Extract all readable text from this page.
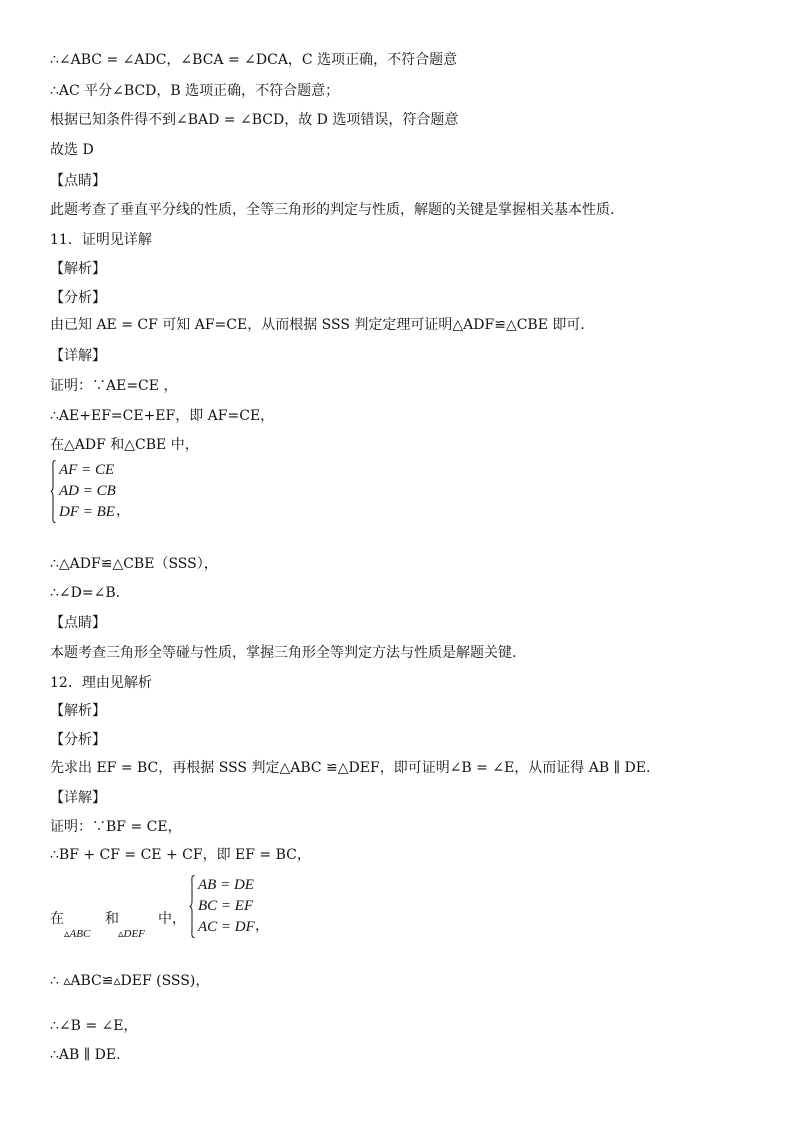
∴∠ABC = ∠ADC，∠BCA = ∠DCA，C 选项正确，不符合题意
∴AC 平分∠BCD，B 选项正确，不符合题意；
根据已知条件得不到∠BAD = ∠BCD，故 D 选项错误，符合题意
故选 D
【点睛】
此题考查了垂直平分线的性质，全等三角形的判定与性质，解题的关键是掌握相关基本性质.
11．证明见详解
【解析】
【分析】
由已知 AE = CF 可知 AF=CE，从而根据 SSS 判定定理可证明△ADF≌△CBE 即可.
【详解】
证明：∵AE=CE ，
∴AE+EF=CE+EF，即 AF=CE，
在△ADF 和△CBE 中，
AF = CE
AD = CB
DF = BE ，
∴△ADF≌△CBE（SSS），
∴∠D=∠B.
【点睛】
本题考查三角形全等碰与性质，掌握三角形全等判定方法与性质是解题关键.
12．理由见解析
【解析】
【分析】
先求出 EF = BC，再根据 SSS 判定△ABC ≌△DEF，即可证明∠B = ∠E，从而证得 AB ∥ DE.
【详解】
证明：∵BF = CE，
∴BF + CF = CE + CF，即 EF = BC，
在
▵ABC
和
▵DEF
中，
AB = DE
BC = EF
AC = DF ，
∴ ▵ABC≌▵DEF (SSS)，
∴∠B = ∠E，
∴AB ∥ DE.
